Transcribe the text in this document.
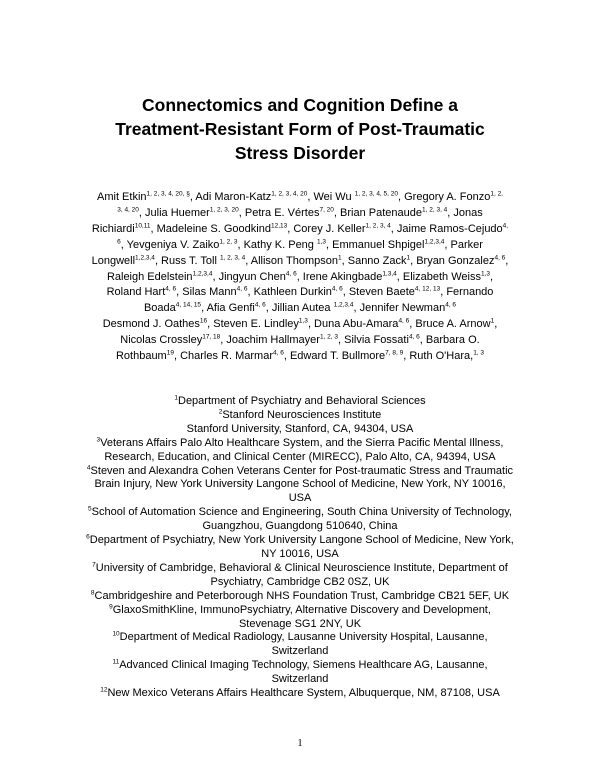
Connectomics and Cognition Define a
Treatment-Resistant Form of Post-Traumatic
Stress Disorder
Amit Etkin$^{1, 2, 3, 4, 20, \S}$, Adi Maron-Katz$^{1, 2, 3, 4, 20}$, Wei Wu $^{1, 2, 3, 4, 5, 20}$, Gregory A. Fonzo$^{1, 2,}$
$^{3, 4, 20}$, Julia Huemer$^{1, 2, 3, 20}$, Petra E. Vértes$^{7, 20}$, Brian Patenaude$^{1, 2, 3, 4}$, Jonas
Richiardi$^{10,11}$, Madeleine S. Goodkind$^{12,13}$, Corey J. Keller$^{1, 2, 3, 4}$, Jaime Ramos-Cejudo$^{4,}$
$^6$, Yevgeniya V. Zaiko$^{1, 2, 3}$, Kathy K. Peng $^{1,3}$, Emmanuel Shpigel$^{1,2,3,4}$, Parker
Longwell$^{1,2,3,4}$, Russ T. Toll $^{1, 2, 3, 4}$, Allison Thompson$^1$, Sanno Zack$^1$, Bryan Gonzalez$^{4, 6}$,
Raleigh Edelstein$^{1,2,3,4}$, Jingyun Chen$^{4, 6}$, Irene Akingbade$^{1,3,4}$, Elizabeth Weiss$^{1,3}$,
Roland Hart$^{4, 6}$, Silas Mann$^{4, 6}$, Kathleen Durkin$^{4, 6}$, Steven Baete$^{4, 12, 13}$, Fernando
Boada$^{4, 14, 15}$, Afia Genfi$^{4, 6}$, Jillian Autea $^{1,2,3,4}$, Jennifer Newman$^{4, 6}$
Desmond J. Oathes$^{16}$, Steven E. Lindley$^{1,3}$, Duna Abu-Amara$^{4, 6}$, Bruce A. Arnow$^1$,
Nicolas Crossley$^{17, 18}$, Joachim Hallmayer$^{1, 2, 3}$, Silvia Fossati$^{4, 6}$, Barbara O.
Rothbaum$^{19}$, Charles R. Marmar$^{4, 6}$, Edward T. Bullmore$^{7, 8, 9}$, Ruth O'Hara,$^{1, 3}$
$^1$Department of Psychiatry and Behavioral Sciences
$^2$Stanford Neurosciences Institute
Stanford University, Stanford, CA, 94304, USA
$^3$Veterans Affairs Palo Alto Healthcare System, and the Sierra Pacific Mental Illness,
Research, Education, and Clinical Center (MIRECC), Palo Alto, CA, 94394, USA
$^4$Steven and Alexandra Cohen Veterans Center for Post-traumatic Stress and Traumatic
Brain Injury, New York University Langone School of Medicine, New York, NY 10016,
USA
$^5$School of Automation Science and Engineering, South China University of Technology,
Guangzhou, Guangdong 510640, China
$^6$Department of Psychiatry, New York University Langone School of Medicine, New York,
NY 10016, USA
$^7$University of Cambridge, Behavioral & Clinical Neuroscience Institute, Department of
Psychiatry, Cambridge CB2 0SZ, UK
$^8$Cambridgeshire and Peterborough NHS Foundation Trust, Cambridge CB21 5EF, UK
$^9$GlaxoSmithKline, ImmunoPsychiatry, Alternative Discovery and Development,
Stevenage SG1 2NY, UK
$^{10}$Department of Medical Radiology, Lausanne University Hospital, Lausanne,
Switzerland
$^{11}$Advanced Clinical Imaging Technology, Siemens Healthcare AG, Lausanne,
Switzerland
$^{12}$New Mexico Veterans Affairs Healthcare System, Albuquerque, NM, 87108, USA
1
